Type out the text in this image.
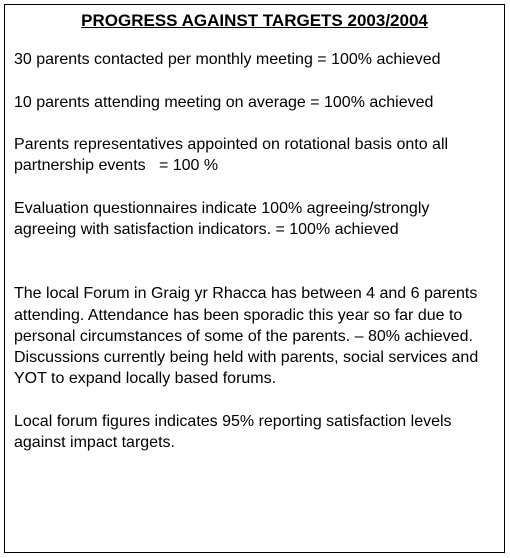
PROGRESS AGAINST TARGETS 2003/2004

30 parents contacted per monthly meeting = 100% achieved

10 parents attending meeting on average = 100% achieved

Parents representatives appointed on rotational basis onto all partnership events   = 100 %

Evaluation questionnaires indicate 100% agreeing/strongly agreeing with satisfaction indicators. = 100% achieved

The local Forum in Graig yr Rhacca has between 4 and 6 parents attending. Attendance has been sporadic this year so far due to personal circumstances of some of the parents. – 80% achieved. Discussions currently being held with parents, social services and YOT to expand locally based forums.

Local forum figures indicates 95% reporting satisfaction levels against impact targets.
